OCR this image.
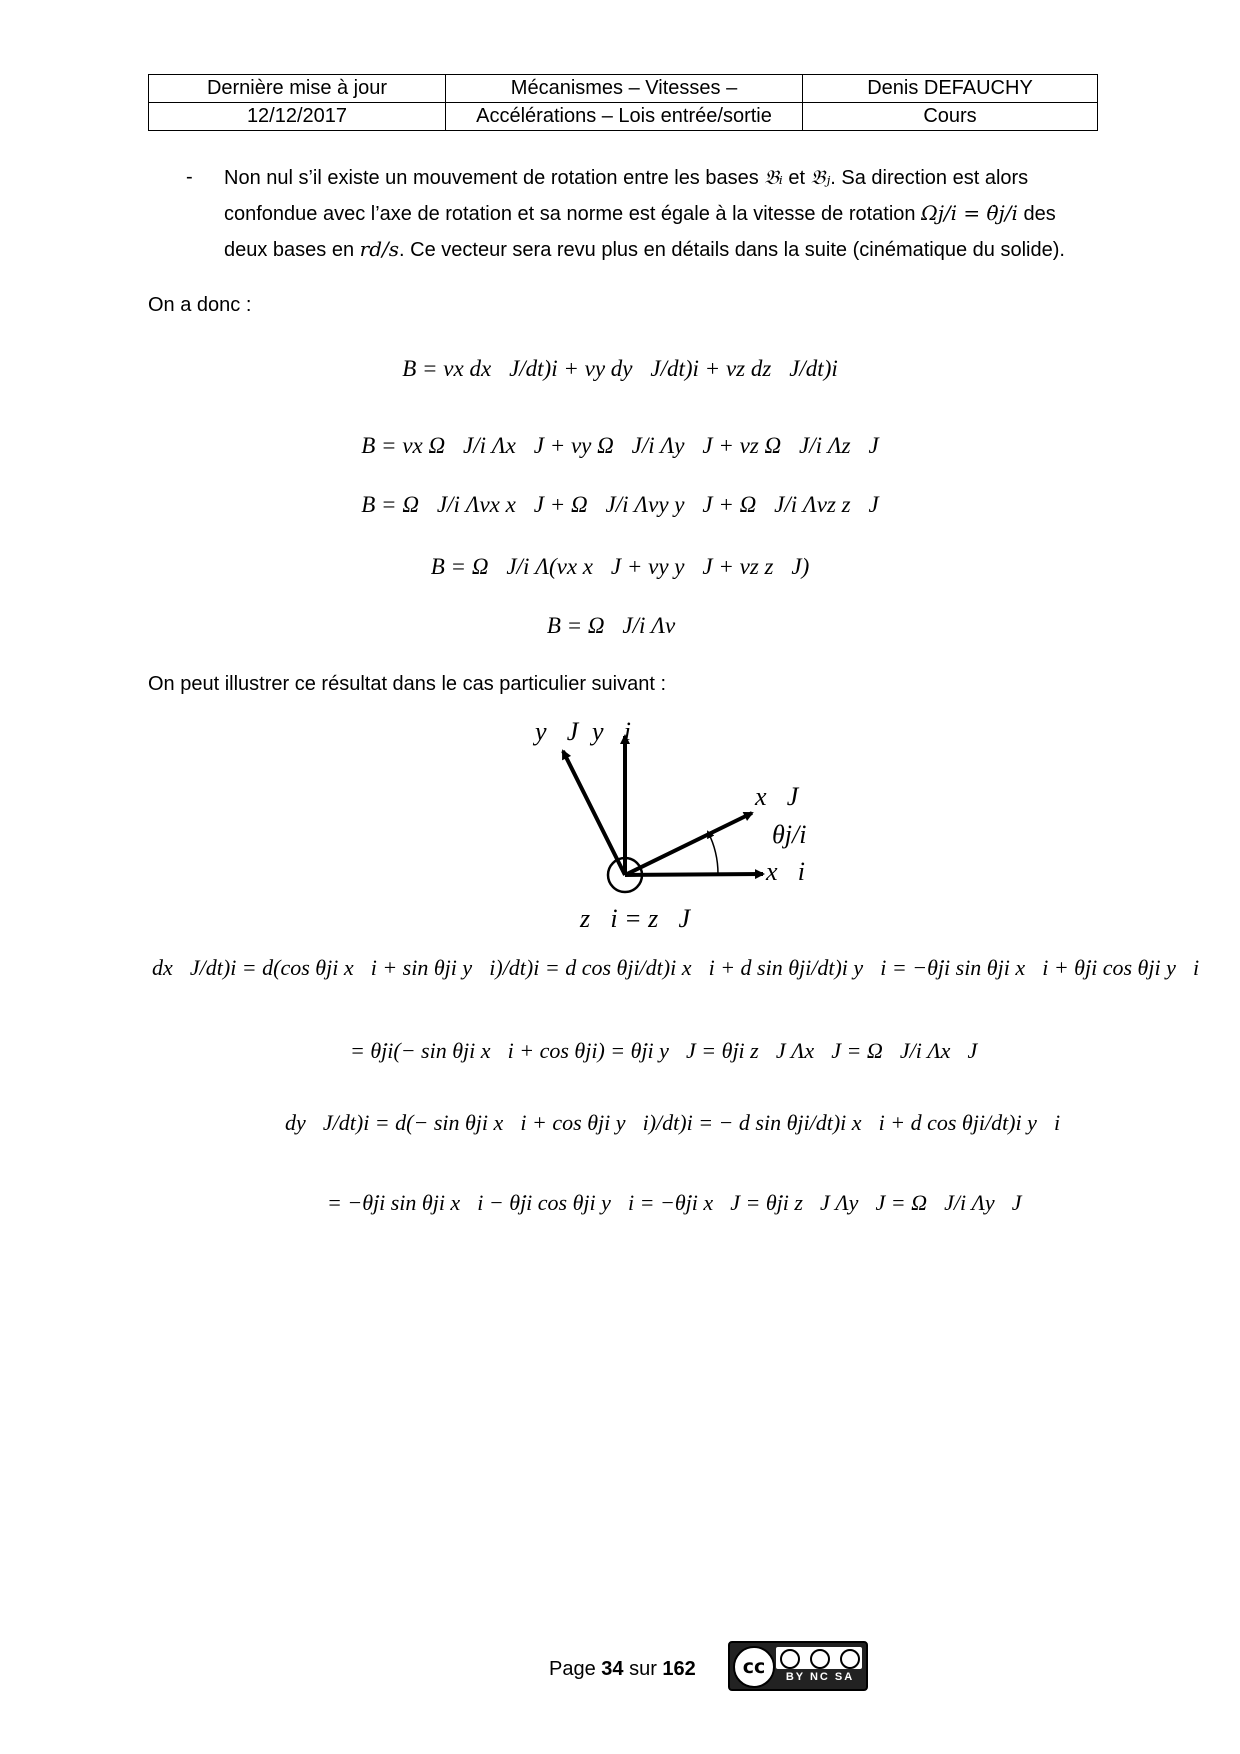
Dernière mise à jour	Mécanismes – Vitesses –	Denis DEFAUCHY
12/12/2017	Accélérations – Lois entrée/sortie	Cours
- Non nul s’il existe un mouvement de rotation entre les bases 𝔅ᵢ et 𝔅ⱼ. Sa direction est alors
confondue avec l’axe de rotation et sa norme est égale à la vitesse de rotation Ωj/i = θ̇j/i des
deux bases en rd/s. Ce vecteur sera revu plus en détails dans la suite (cinématique du solide).
On a donc :
B = vx dx⃗J/dt)i + vy dy⃗J/dt)i + vz dz⃗J/dt)i
B = vx Ω⃗J/i Λx⃗J + vy Ω⃗J/i Λy⃗J + vz Ω⃗J/i Λz⃗J
B = Ω⃗J/i Λvx x⃗J + Ω⃗J/i Λvy y⃗J + Ω⃗J/i Λvz z⃗J
B = Ω⃗J/i Λ(vx x⃗J + vy y⃗J + vz z⃗J)
B = Ω⃗J/i Λv⃗
On peut illustrer ce résultat dans le cas particulier suivant :
y⃗J y⃗i
x⃗J
θj/i
x⃗i
z⃗i = z⃗J
dx⃗J/dt)i = d(cos θji x⃗i + sin θji y⃗i)/dt)i = d cos θji/dt)i x⃗i + d sin θji/dt)i y⃗i = −θ̇ji sin θji x⃗i + θ̇ji cos θji y⃗i
= θ̇ji(− sin θji x⃗i + cos θji) = θ̇ji y⃗J = θ̇ji z⃗J Λx⃗J = Ω⃗J/i Λx⃗J
dy⃗J/dt)i = d(− sin θji x⃗i + cos θji y⃗i)/dt)i = − d sin θji/dt)i x⃗i + d cos θji/dt)i y⃗i
= −θ̇ji sin θji x⃗i − θ̇ji cos θji y⃗i = −θ̇ji x⃗J = θ̇ji z⃗J Λy⃗J = Ω⃗J/i Λy⃗J
Page 34 sur 162	cc	BY NC SA
